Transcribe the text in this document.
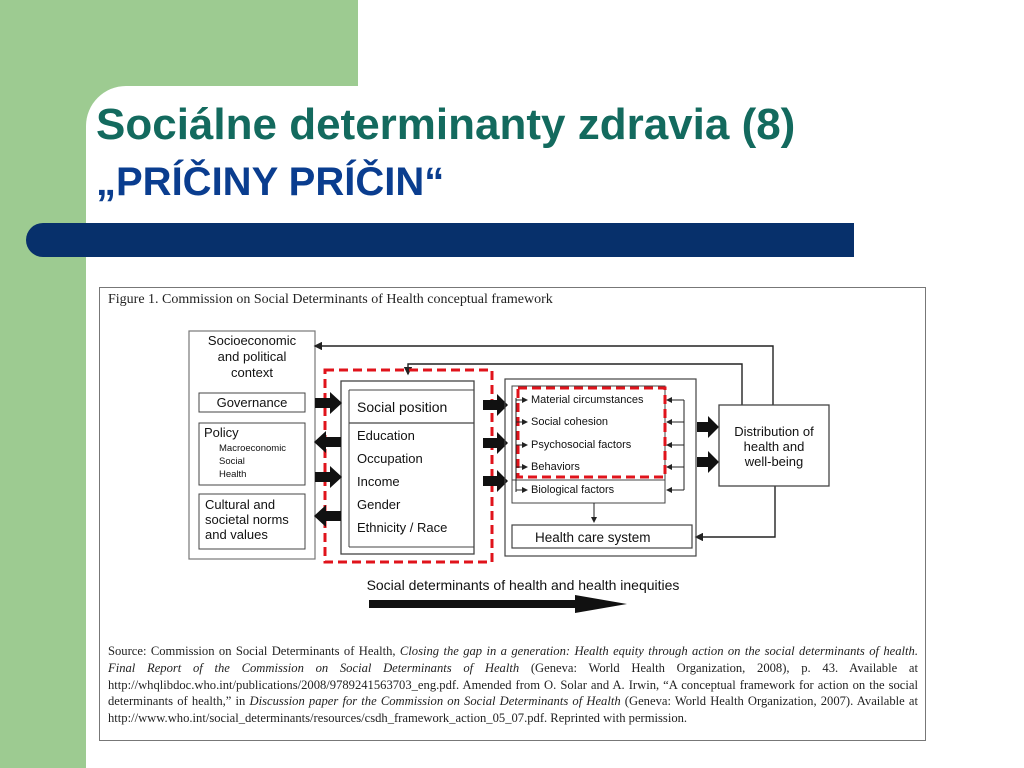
Sociálne determinanty zdravia (8)
„PRÍČINY PRÍČIN“
Figure 1. Commission on Social Determinants of Health conceptual framework
Socioeconomic
and political
context
Governance
Policy
Macroeconomic
Social
Health
Cultural and
societal norms
and values
Social position
Education
Occupation
Income
Gender
Ethnicity / Race
Material circumstances
Social cohesion
Psychosocial factors
Behaviors
Biological factors
Health care system
Distribution of
health and
well-being
Social determinants of health and health inequities
Source: Commission on Social Determinants of Health, Closing the gap in a generation: Health equity through action on the social determinants of health. Final Report of the Commission on Social Determinants of Health (Geneva: World Health Organization, 2008), p. 43. Available at http://whqlibdoc.who.int/publications/2008/9789241563703_eng.pdf. Amended from O. Solar and A. Irwin, “A conceptual framework for action on the social determinants of health,” in Discussion paper for the Commission on Social Determinants of Health (Geneva: World Health Organization, 2007). Available at http://www.who.int/social_determinants/resources/csdh_framework_action_05_07.pdf. Reprinted with permission.
